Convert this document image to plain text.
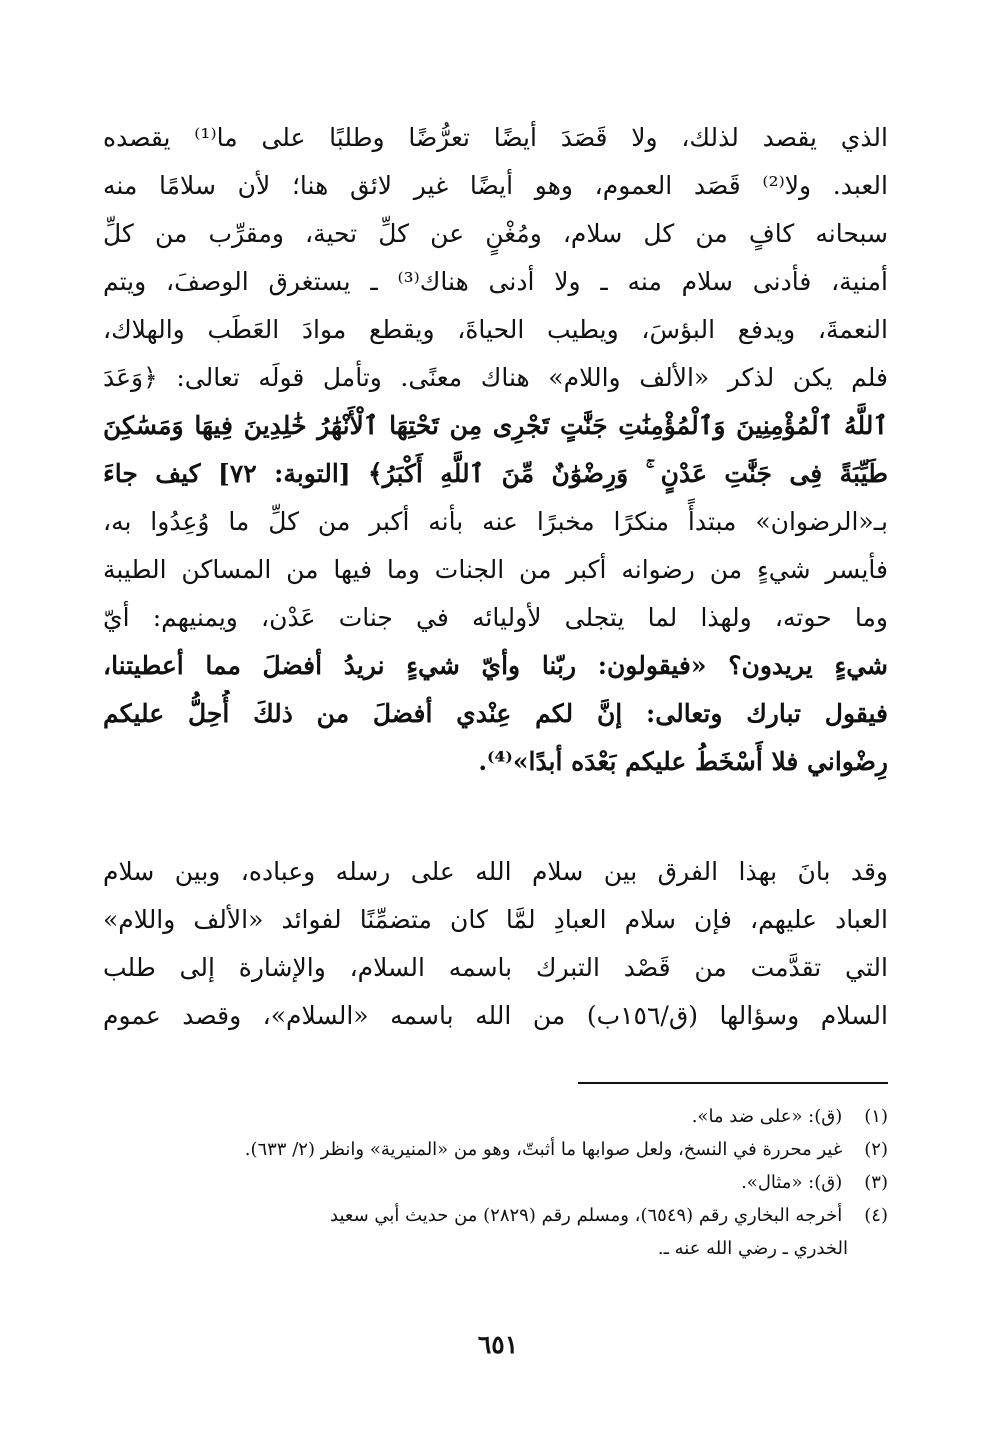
الذي يقصد لذلك، ولا قَصَدَ أيضًا تعرُّضًا وطلبًا على ما⁽¹⁾ يقصده
العبد. ولا⁽²⁾ قَصَد العموم، وهو أيضًا غير لائق هنا؛ لأن سلامًا منه
سبحانه كافٍ من كل سلام، ومُغْنٍ عن كلِّ تحية، ومقرِّب من كلِّ
أمنية، فأدنى سلام منه ـ ولا أدنى هناك⁽³⁾ ـ يستغرق الوصفَ، ويتم
النعمةَ، ويدفع البؤسَ، ويطيب الحياةَ، ويقطع موادَ العَطَب والهلاك،
فلم يكن لذكر «الألف واللام» هناك معنًى. وتأمل قولَه تعالى: ﴿وَعَدَ
ٱللَّهُ ٱلْمُؤْمِنِينَ وَٱلْمُؤْمِنَٰتِ جَنَّٰتٍ تَجْرِى مِن تَحْتِهَا ٱلْأَنْهَٰرُ خَٰلِدِينَ فِيهَا وَمَسَٰكِنَ
طَيِّبَةً فِى جَنَّٰتِ عَدْنٍ ۚ وَرِضْوَٰنٌ مِّنَ ٱللَّهِ أَكْبَرُ﴾ [التوبة: ٧٢] كيف جاءَ
بـ«الرضوان» مبتدأً منكرًا مخبرًا عنه بأنه أكبر من كلِّ ما وُعِدُوا به،
فأيسر شيءٍ من رضوانه أكبر من الجنات وما فيها من المساكن الطيبة
وما حوته، ولهذا لما يتجلى لأوليائه في جنات عَدْن، ويمنيهم: أيّ
شيءٍ يريدون؟ «فيقولون: ربّنا وأيّ شيءٍ نريدُ أفضلَ مما أعطيتنا،
فيقول تبارك وتعالى: إنَّ لكم عِنْدي أفضلَ من ذلكَ أُحِلُّ عليكم
رِضْواني فلا أَسْخَطُ عليكم بَعْدَه أبدًا»⁽⁴⁾.
وقد بانَ بهذا الفرق بين سلام الله على رسله وعباده، وبين سلام
العباد عليهم، فإن سلام العبادِ لمَّا كان متضمِّنًا لفوائد «الألف واللام»
التي تقدَّمت من قَصْد التبرك باسمه السلام، والإشارة إلى طلب
السلام وسؤالها (ق/١٥٦ب) من الله باسمه «السلام»، وقصد عموم
(١) (ق): «على ضد ما».
(٢) غير محررة في النسخ، ولعل صوابها ما أثبتّ، وهو من «المنيرية» وانظر (٢/ ٦٣٣).
(٣) (ق): «مثال».
(٤) أخرجه البخاري رقم (٦٥٤٩)، ومسلم رقم (٢٨٢٩) من حديث أبي سعيد
الخدري ـ رضي الله عنه ـ.
٦٥١
